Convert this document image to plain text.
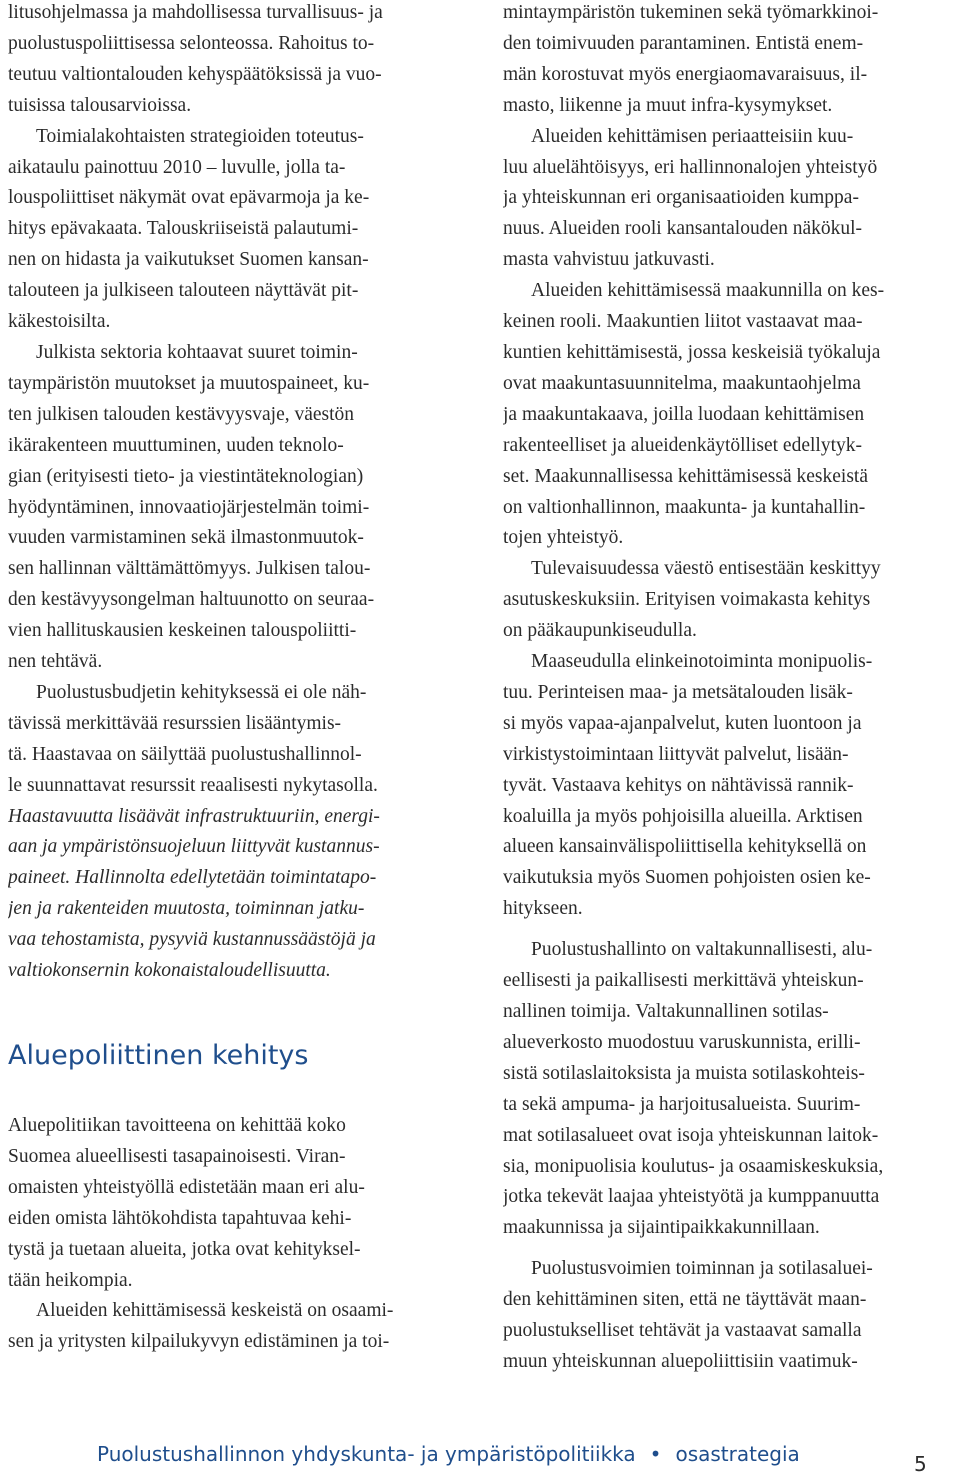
litusohjelmassa ja mahdollisessa turvallisuus- ja
puolustuspoliittisessa selonteossa. Rahoitus to-
teutuu valtiontalouden kehyspäätöksissä ja vuo-
tuisissa talousarvioissa.
Toimialakohtaisten strategioiden toteutus-
aikataulu painottuu 2010 – luvulle, jolla ta-
louspoliittiset näkymät ovat epävarmoja ja ke-
hitys epävakaata. Talouskriiseistä palautumi-
nen on hidasta ja vaikutukset Suomen kansan-
talouteen ja julkiseen talouteen näyttävät pit-
käkestoisilta.
Julkista sektoria kohtaavat suuret toimin-
taympäristön muutokset ja muutospaineet, ku-
ten julkisen talouden kestävyysvaje, väestön
ikärakenteen muuttuminen, uuden teknolo-
gian (erityisesti tieto- ja viestintäteknologian)
hyödyntäminen, innovaatiojärjestelmän toimi-
vuuden varmistaminen sekä ilmastonmuutok-
sen hallinnan välttämättömyys. Julkisen talou-
den kestävyysongelman haltuunotto on seuraa-
vien hallituskausien keskeinen talouspoliitti-
nen tehtävä.
Puolustusbudjetin kehityksessä ei ole näh-
tävissä merkittävää resurssien lisääntymis-
tä. Haastavaa on säilyttää puolustushallinnol-
le suunnattavat resurssit reaalisesti nykytasolla.
Haastavuutta lisäävät infrastruktuuriin, energi-
aan ja ympäristönsuojeluun liittyvät kustannus-
paineet. Hallinnolta edellytetään toimintatapo-
jen ja rakenteiden muutosta, toiminnan jatku-
vaa tehostamista, pysyviä kustannussäästöjä ja
valtiokonsernin kokonaistaloudellisuutta.
Aluepoliittinen kehitys
Aluepolitiikan tavoitteena on kehittää koko
Suomea alueellisesti tasapainoisesti. Viran-
omaisten yhteistyöllä edistetään maan eri alu-
eiden omista lähtökohdista tapahtuvaa kehi-
tystä ja tuetaan alueita, jotka ovat kehityksel-
tään heikompia.
Alueiden kehittämisessä keskeistä on osaami-
sen ja yritysten kilpailukyvyn edistäminen ja toi-
mintaympäristön tukeminen sekä työmarkkinoi-
den toimivuuden parantaminen. Entistä enem-
män korostuvat myös energiaomavaraisuus, il-
masto, liikenne ja muut infra-kysymykset.
Alueiden kehittämisen periaatteisiin kuu-
luu aluelähtöisyys, eri hallinnonalojen yhteistyö
ja yhteiskunnan eri organisaatioiden kumppa-
nuus. Alueiden rooli kansantalouden näkökul-
masta vahvistuu jatkuvasti.
Alueiden kehittämisessä maakunnilla on kes-
keinen rooli. Maakuntien liitot vastaavat maa-
kuntien kehittämisestä, jossa keskeisiä työkaluja
ovat maakuntasuunnitelma, maakuntaohjelma
ja maakuntakaava, joilla luodaan kehittämisen
rakenteelliset ja alueidenkäytölliset edellytyk-
set. Maakunnallisessa kehittämisessä keskeistä
on valtionhallinnon, maakunta- ja kuntahallin-
tojen yhteistyö.
Tulevaisuudessa väestö entisestään keskittyy
asutuskeskuksiin. Erityisen voimakasta kehitys
on pääkaupunkiseudulla.
Maaseudulla elinkeinotoiminta monipuolis-
tuu. Perinteisen maa- ja metsätalouden lisäk-
si myös vapaa-ajanpalvelut, kuten luontoon ja
virkistystoimintaan liittyvät palvelut, lisään-
tyvät. Vastaava kehitys on nähtävissä rannik-
koaluilla ja myös pohjoisilla alueilla. Arktisen
alueen kansainvälispoliittisella kehityksellä on
vaikutuksia myös Suomen pohjoisten osien ke-
hitykseen.
Puolustushallinto on valtakunnallisesti, alu-
eellisesti ja paikallisesti merkittävä yhteiskun-
nallinen toimija. Valtakunnallinen sotilas-
alueverkosto muodostuu varuskunnista, erilli-
sistä sotilaslaitoksista ja muista sotilaskohteis-
ta sekä ampuma- ja harjoitusalueista. Suurim-
mat sotilasalueet ovat isoja yhteiskunnan laitok-
sia, monipuolisia koulutus- ja osaamiskeskuksia,
jotka tekevät laajaa yhteistyötä ja kumppanuutta
maakunnissa ja sijaintipaikkakunnillaan.
Puolustusvoimien toiminnan ja sotilasaluei-
den kehittäminen siten, että ne täyttävät maan-
puolustukselliset tehtävät ja vastaavat samalla
muun yhteiskunnan aluepoliittisiin vaatimuk-
Puolustushallinnon yhdyskunta- ja ympäristöpolitiikka • osastrategia	5
